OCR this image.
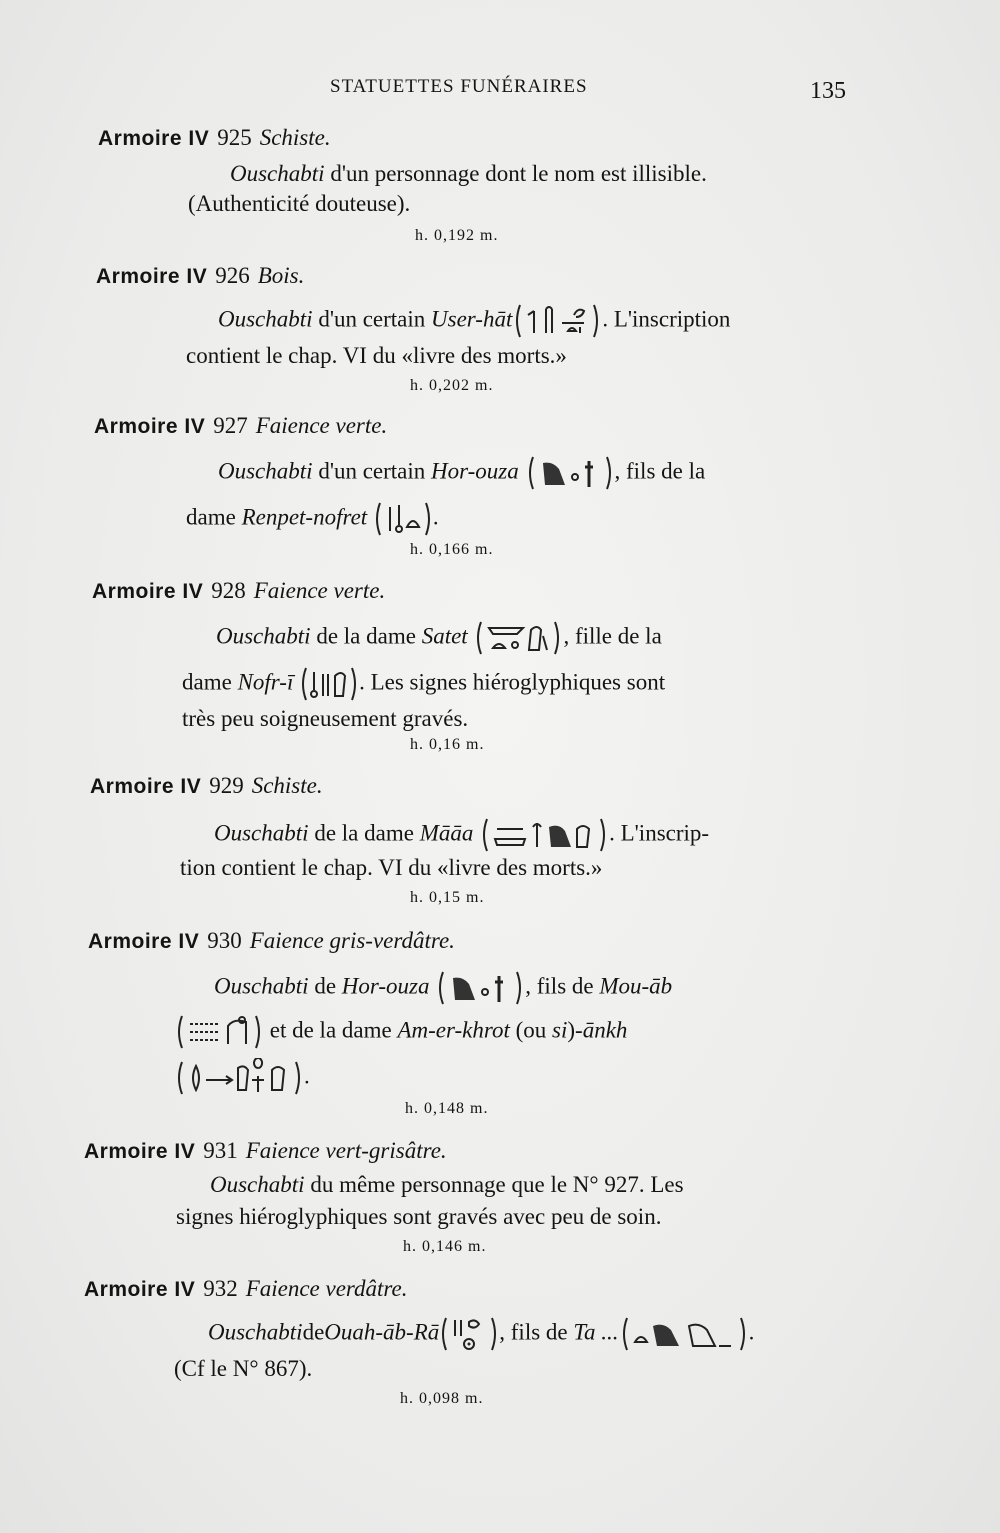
STATUETTES FUNÉRAIRES	135
Armoire IV 925 Schiste.
Ouschabti d'un personnage dont le nom est illisible.
(Authenticité douteuse).
h. 0,192 m.
Armoire IV 926 Bois.
Ouschabti d'un certain User-hāt	. L'inscription
contient le chap. VI du «livre des morts.»
h. 0,202 m.
Armoire IV 927 Faience verte.
Ouschabti d'un certain Hor-ouza	, fils de la
dame Renpet-nofret	.
h. 0,166 m.
Armoire IV 928 Faience verte.
Ouschabti de la dame Satet	, fille de la
dame Nofr-ī	. Les signes hiéroglyphiques sont
très peu soigneusement gravés.
h. 0,16 m.
Armoire IV 929 Schiste.
Ouschabti de la dame Māāa	. L'inscrip-
tion contient le chap. VI du «livre des morts.»
h. 0,15 m.
Armoire IV 930 Faience gris-verdâtre.
Ouschabti de Hor-ouza	, fils de Mou-āb
et de la dame Am-er-khrot (ou si)-ānkh
.
h. 0,148 m.
Armoire IV 931 Faience vert-grisâtre.
Ouschabti du même personnage que le N° 927. Les
signes hiéroglyphiques sont gravés avec peu de soin.
h. 0,146 m.
Armoire IV 932 Faience verdâtre.
OuschabtideOuah-āb-Rā	, fils de Ta ...	.
(Cf le N° 867).
h. 0,098 m.
